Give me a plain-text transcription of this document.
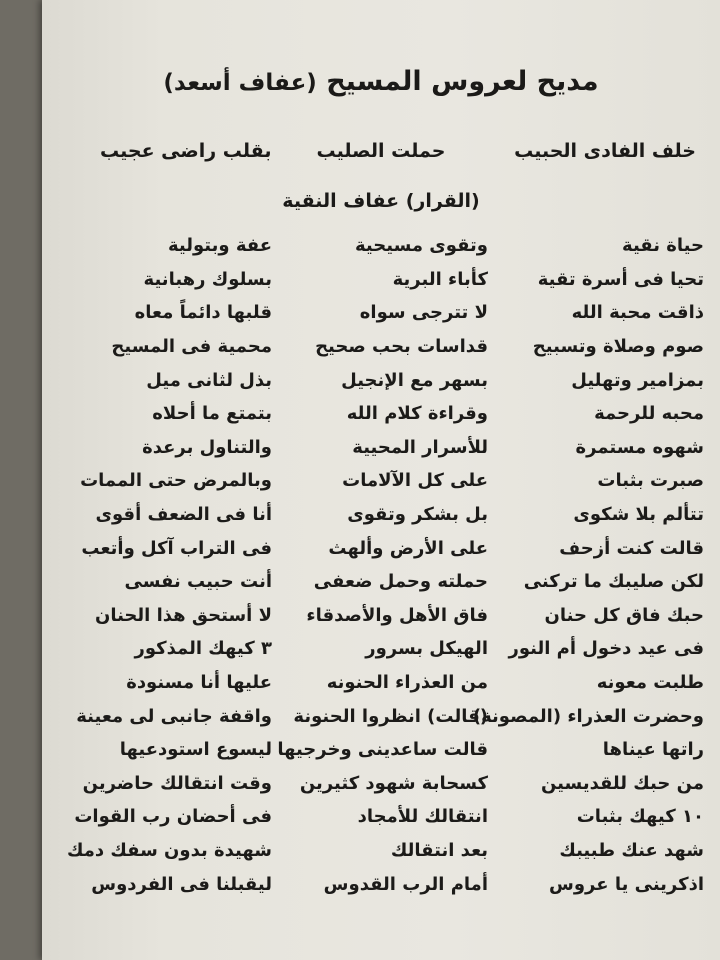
مديح لعروس المسيح (عفاف أسعد)
خلف الفادى الحبيب
حملت الصليب
بقلب راضى عجيب
(القرار) عفاف النقية
حياة نقية
وتقوى مسيحية
عفة وبتولية
تحيا فى أسرة تقية
كأباء البرية
بسلوك رهبانية
ذاقت محبة الله
لا تترجى سواه
قلبها دائماً معاه
صوم وصلاة وتسبيح
قداسات بحب صحيح
محمية فى المسيح
بمزامير وتهليل
بسهر مع الإنجيل
بذل لثانى ميل
محبه للرحمة
وقراءة كلام الله
بتمتع ما أحلاه
شهوه مستمرة
للأسرار المحيية
والتناول برعدة
صبرت بثبات
على كل الآلامات
وبالمرض حتى الممات
تتألم بلا شكوى
بل بشكر وتقوى
أنا فى الضعف أقوى
قالت كنت أزحف
على الأرض وألهث
فى التراب آكل وأتعب
لكن صليبك ما تركنى
حملته وحمل ضعفى
أنت حبيب نفسى
حبك فاق كل حنان
فاق الأهل والأصدقاء
لا أستحق هذا الحنان
فى عيد دخول أم النور
الهيكل بسرور
٣ كيهك المذكور
طلبت معونه
من العذراء الحنونه
عليها أنا مسنودة
وحضرت العذراء (المصونة)
(قالت) انظروا الحنونة
واقفة جانبى لى معينة
راتها عيناها
قالت ساعدينى وخرجيها
ليسوع استودعيها
من حبك للقديسين
كسحابة شهود كثيرين
وقت انتقالك حاضرين
١٠ كيهك بثبات
انتقالك للأمجاد
فى أحضان رب القوات
شهد عنك طبيبك
بعد انتقالك
شهيدة بدون سفك دمك
اذكرينى يا عروس
أمام الرب القدوس
ليقبلنا فى الفردوس
